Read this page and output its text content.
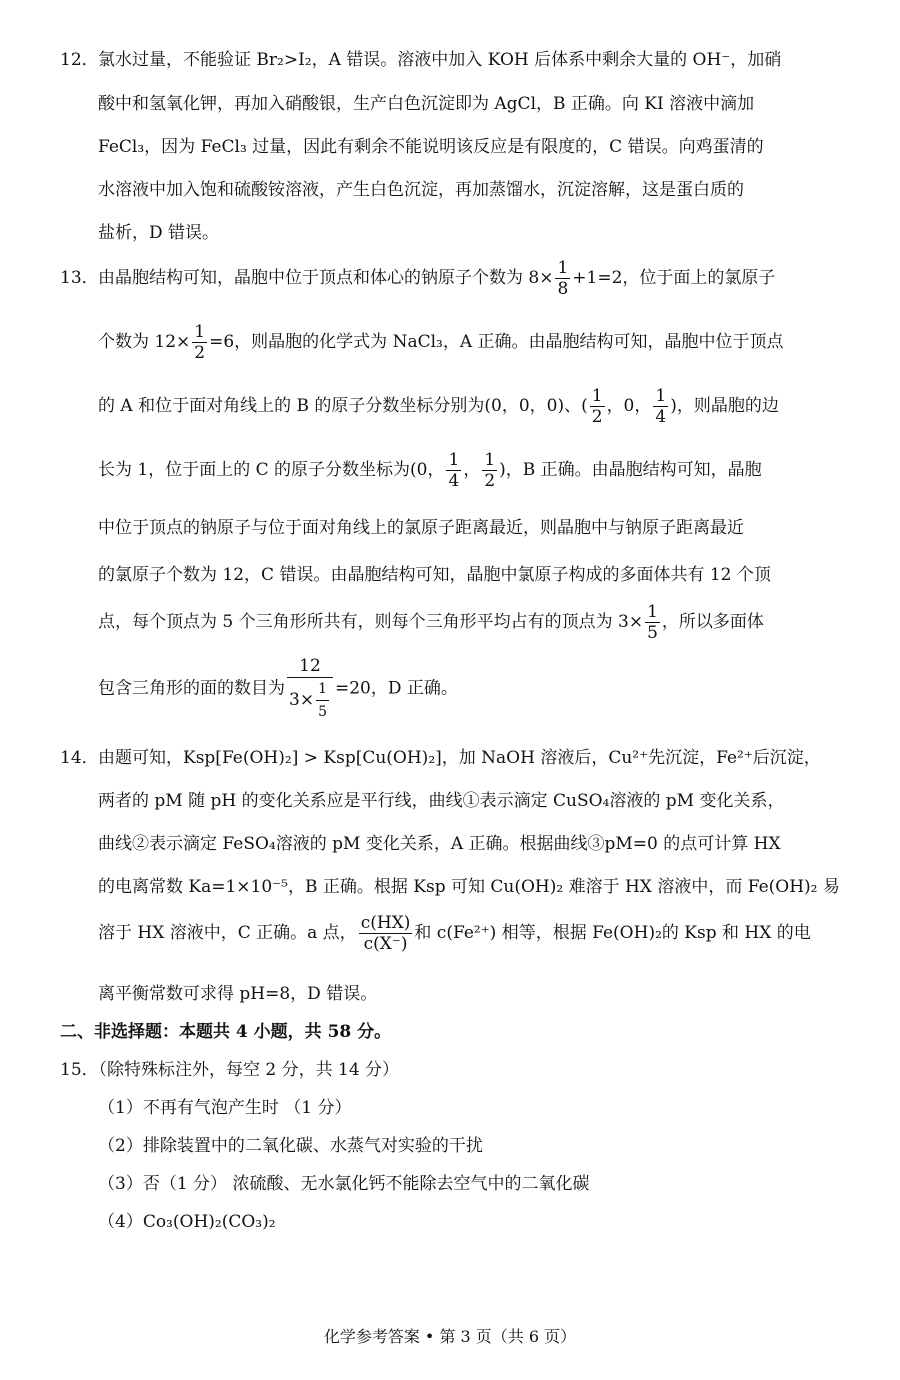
12． 氯水过量，不能验证 Br₂>I₂，A 错误。溶液中加入 KOH 后体系中剩余大量的 OH⁻，加硝
酸中和氢氧化钾，再加入硝酸银，生产白色沉淀即为 AgCl，B 正确。向 KI 溶液中滴加
FeCl₃，因为 FeCl₃ 过量，因此有剩余不能说明该反应是有限度的，C 错误。向鸡蛋清的
水溶液中加入饱和硫酸铵溶液，产生白色沉淀，再加蒸馏水，沉淀溶解，这是蛋白质的
盐析，D 错误。
13． 由晶胞结构可知，晶胞中位于顶点和体心的钠原子个数为 $8\times \frac{1}{8} +1=2$，位于面上的氯原子
个数为 $12\times \frac{1}{2} =6$，则晶胞的化学式为 NaCl₃，A 正确。由晶胞结构可知，晶胞中位于顶点
的 A 和位于面对角线上的 B 的原子分数坐标分别为(0，0，0)、( $\frac{1}{2}$ ，0， $\frac{1}{4}$ )，则晶胞的边
长为 1，位于面上的 C 的原子分数坐标为(0， $\frac{1}{4}$ ， $\frac{1}{2}$ )，B 正确。由晶胞结构可知，晶胞
中位于顶点的钠原子与位于面对角线上的氯原子距离最近，则晶胞中与钠原子距离最近
的氯原子个数为 12，C 错误。由晶胞结构可知，晶胞中氯原子构成的多面体共有 12 个顶
点，每个顶点为 5 个三角形所共有，则每个三角形平均占有的顶点为 $3\times \frac{1}{5}$ ，所以多面体
包含三角形的面的数目为 $\frac{12}{3\times \frac{1}{5}} =20$，D 正确。
14． 由题可知，Ksp[Fe(OH)₂] > Ksp[Cu(OH)₂]，加 NaOH 溶液后，Cu²⁺先沉淀，Fe²⁺后沉淀，
两者的 pM 随 pH 的变化关系应是平行线，曲线①表示滴定 CuSO₄溶液的 pM 变化关系，
曲线②表示滴定 FeSO₄溶液的 pM 变化关系，A 正确。根据曲线③pM=0 的点可计算 HX
的电离常数 Ka=1×10⁻⁵，B 正确。根据 Ksp 可知 Cu(OH)₂ 难溶于 HX 溶液中，而 Fe(OH)₂ 易
溶于 HX 溶液中，C 正确。a 点， $\frac{c(HX)}{c(X^-)}$ 和 c(Fe²⁺) 相等，根据 Fe(OH)₂的 Ksp 和 HX 的电
离平衡常数可求得 pH=8，D 错误。
二、非选择题：本题共 4 小题，共 58 分。
15．
（除特殊标注外，每空 2 分，共 14 分）
（1）不再有气泡产生时 （1 分）
（2）排除装置中的二氧化碳、水蒸气对实验的干扰
（3）否（1 分） 浓硫酸、无水氯化钙不能除去空气中的二氧化碳
（4）Co₃(OH)₂(CO₃)₂
化学参考答案 • 第 3 页（共 6 页）
